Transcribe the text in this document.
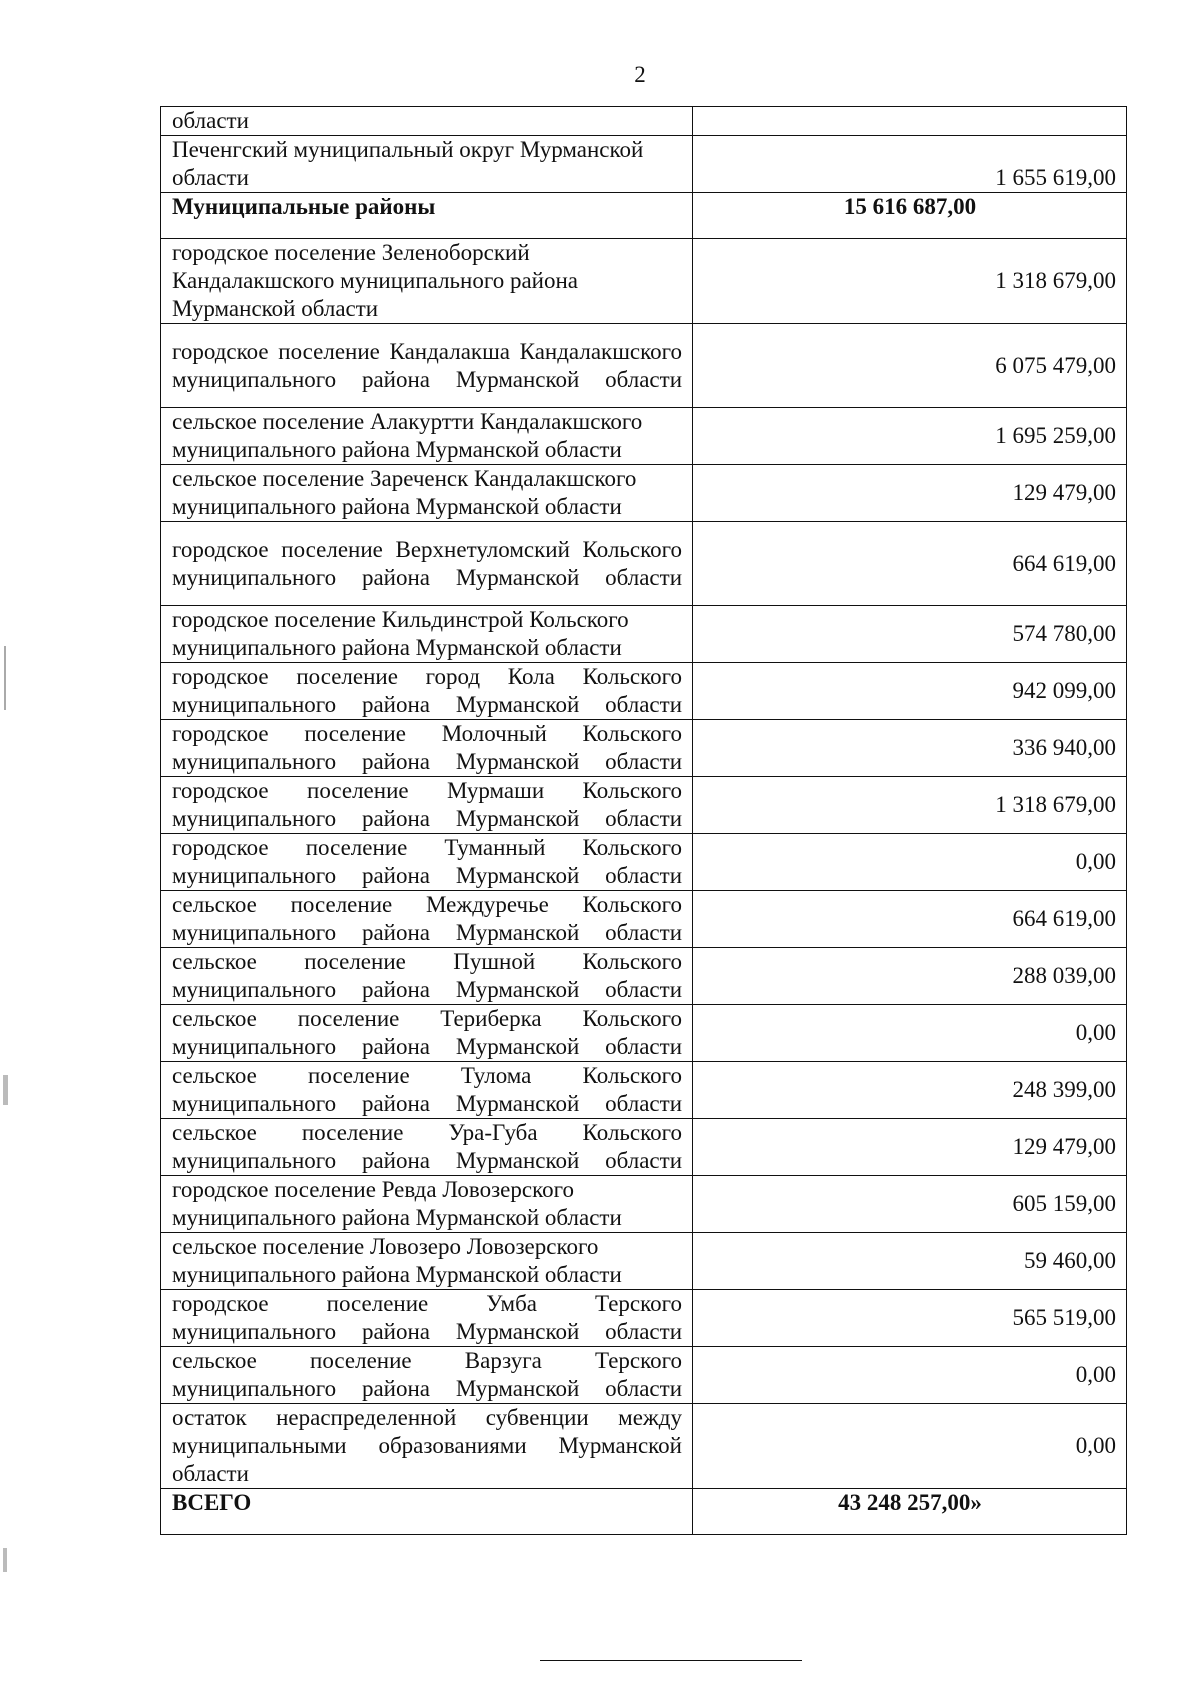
2
области	
Печенгский муниципальный округ Мурманской области	1 655 619,00
Муниципальные районы	15 616 687,00
городское поселение Зеленоборский Кандалакшского муниципального района Мурманской области	1 318 679,00
городское поселение Кандалакша Кандалакшского муниципального района Мурманской области	6 075 479,00
сельское поселение Алакуртти Кандалакшского муниципального района Мурманской области	1 695 259,00
сельское поселение Зареченск Кандалакшского муниципального района Мурманской области	129 479,00
городское поселение Верхнетуломский Кольского муниципального района Мурманской области	664 619,00
городское поселение Кильдинстрой Кольского муниципального района Мурманской области	574 780,00
городское поселение город Кола Кольского муниципального района Мурманской области	942 099,00
городское поселение Молочный Кольского муниципального района Мурманской области	336 940,00
городское поселение Мурмаши Кольского муниципального района Мурманской области	1 318 679,00
городское поселение Туманный Кольского муниципального района Мурманской области	0,00
сельское поселение Междуречье Кольского муниципального района Мурманской области	664 619,00
сельское поселение Пушной Кольского муниципального района Мурманской области	288 039,00
сельское поселение Териберка Кольского муниципального района Мурманской области	0,00
сельское поселение Тулома Кольского муниципального района Мурманской области	248 399,00
сельское поселение Ура-Губа Кольского муниципального района Мурманской области	129 479,00
городское поселение Ревда Ловозерского муниципального района Мурманской области	605 159,00
сельское поселение Ловозеро Ловозерского муниципального района Мурманской области	59 460,00
городское поселение Умба Терского муниципального района Мурманской области	565 519,00
сельское поселение Варзуга Терского муниципального района Мурманской области	0,00
остаток нераспределенной субвенции между муниципальными образованиями Мурманской области	0,00
ВСЕГО	43 248 257,00»
